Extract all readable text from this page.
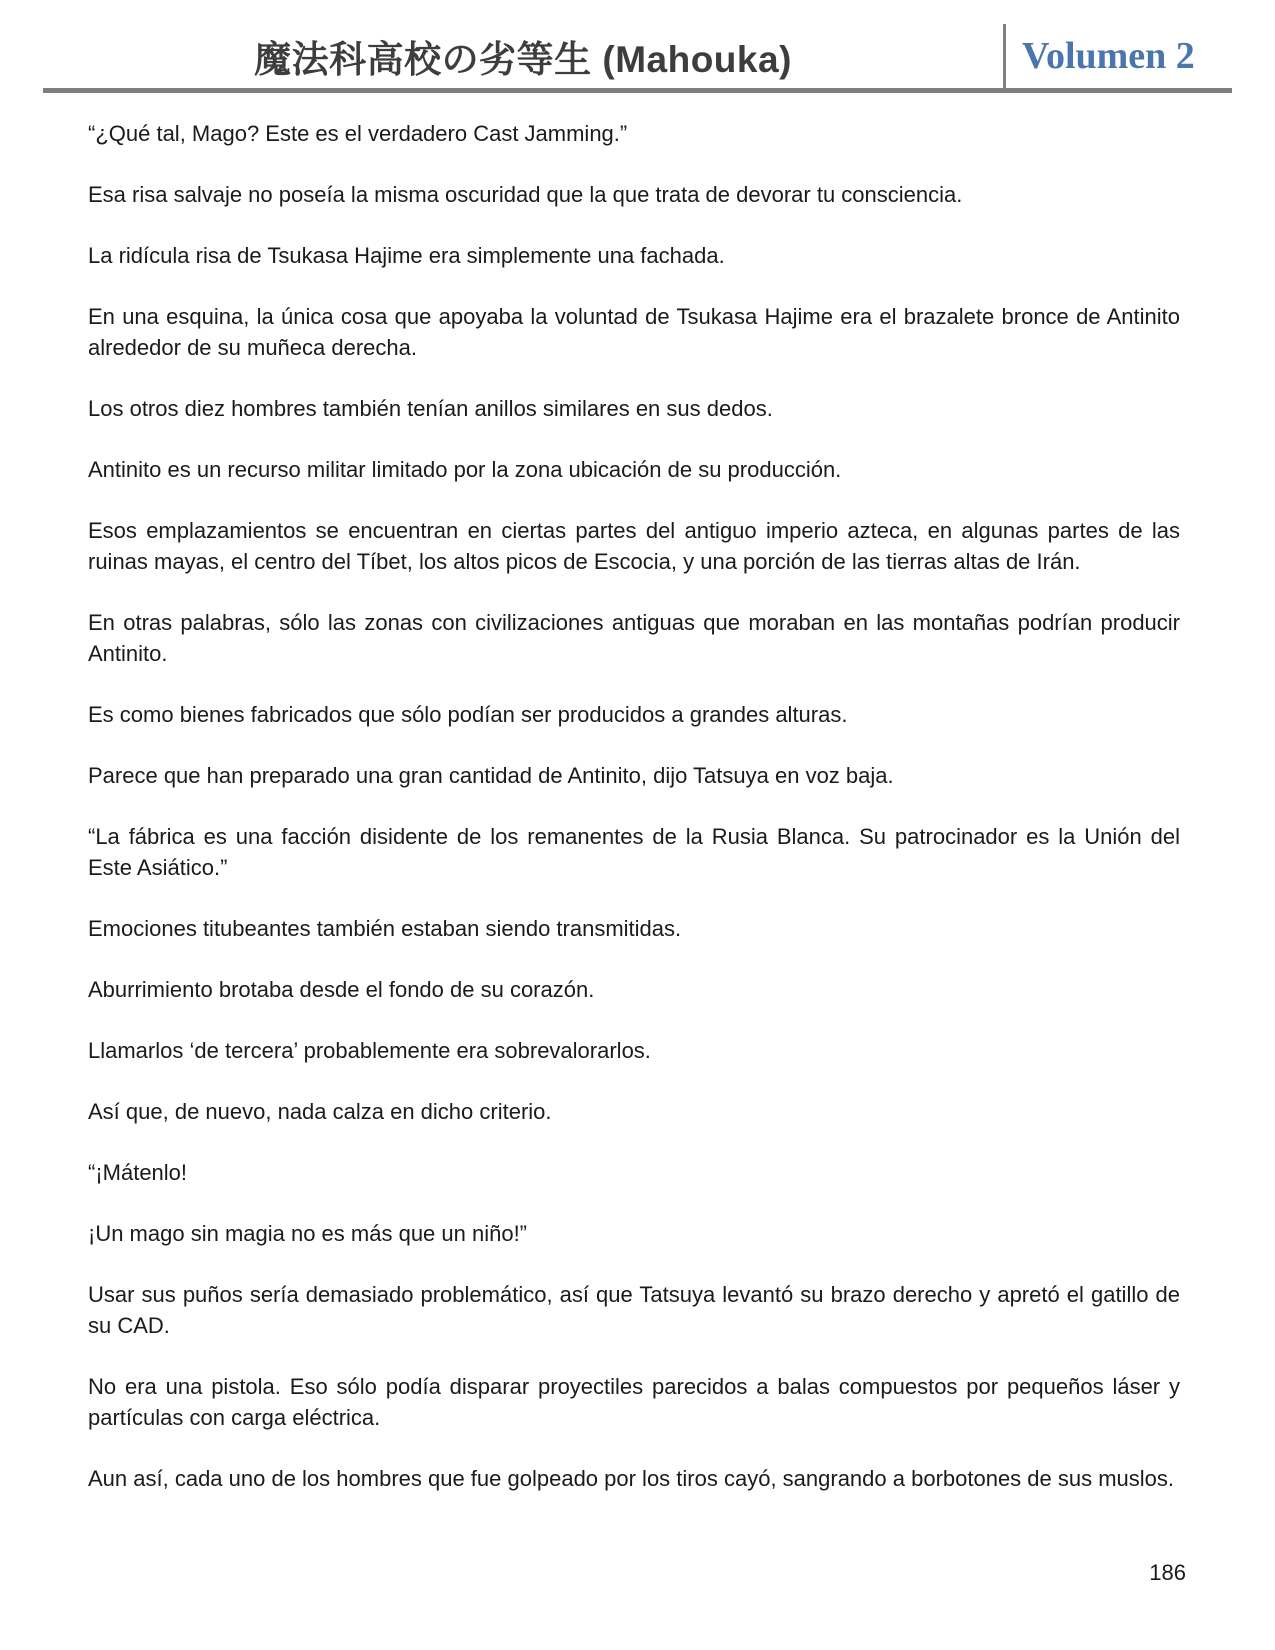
魔法科高校の劣等生 (Mahouka)	Volumen 2

“¿Qué tal, Mago? Este es el verdadero Cast Jamming.”

Esa risa salvaje no poseía la misma oscuridad que la que trata de devorar tu consciencia.

La ridícula risa de Tsukasa Hajime era simplemente una fachada.

En una esquina, la única cosa que apoyaba la voluntad de Tsukasa Hajime era el brazalete bronce de Antinito alrededor de su muñeca derecha.

Los otros diez hombres también tenían anillos similares en sus dedos.

Antinito es un recurso militar limitado por la zona ubicación de su producción.

Esos emplazamientos se encuentran en ciertas partes del antiguo imperio azteca, en algunas partes de las ruinas mayas, el centro del Tíbet, los altos picos de Escocia, y una porción de las tierras altas de Irán.

En otras palabras, sólo las zonas con civilizaciones antiguas que moraban en las montañas podrían producir Antinito.

Es como bienes fabricados que sólo podían ser producidos a grandes alturas.

Parece que han preparado una gran cantidad de Antinito, dijo Tatsuya en voz baja.

“La fábrica es una facción disidente de los remanentes de la Rusia Blanca. Su patrocinador es la Unión del Este Asiático.”

Emociones titubeantes también estaban siendo transmitidas.

Aburrimiento brotaba desde el fondo de su corazón.

Llamarlos ‘de tercera’ probablemente era sobrevalorarlos.

Así que, de nuevo, nada calza en dicho criterio.

“¡Mátenlo!

¡Un mago sin magia no es más que un niño!”

Usar sus puños sería demasiado problemático, así que Tatsuya levantó su brazo derecho y apretó el gatillo de su CAD.

No era una pistola. Eso sólo podía disparar proyectiles parecidos a balas compuestos por pequeños láser y partículas con carga eléctrica.

Aun así, cada uno de los hombres que fue golpeado por los tiros cayó, sangrando a borbotones de sus muslos.

186
